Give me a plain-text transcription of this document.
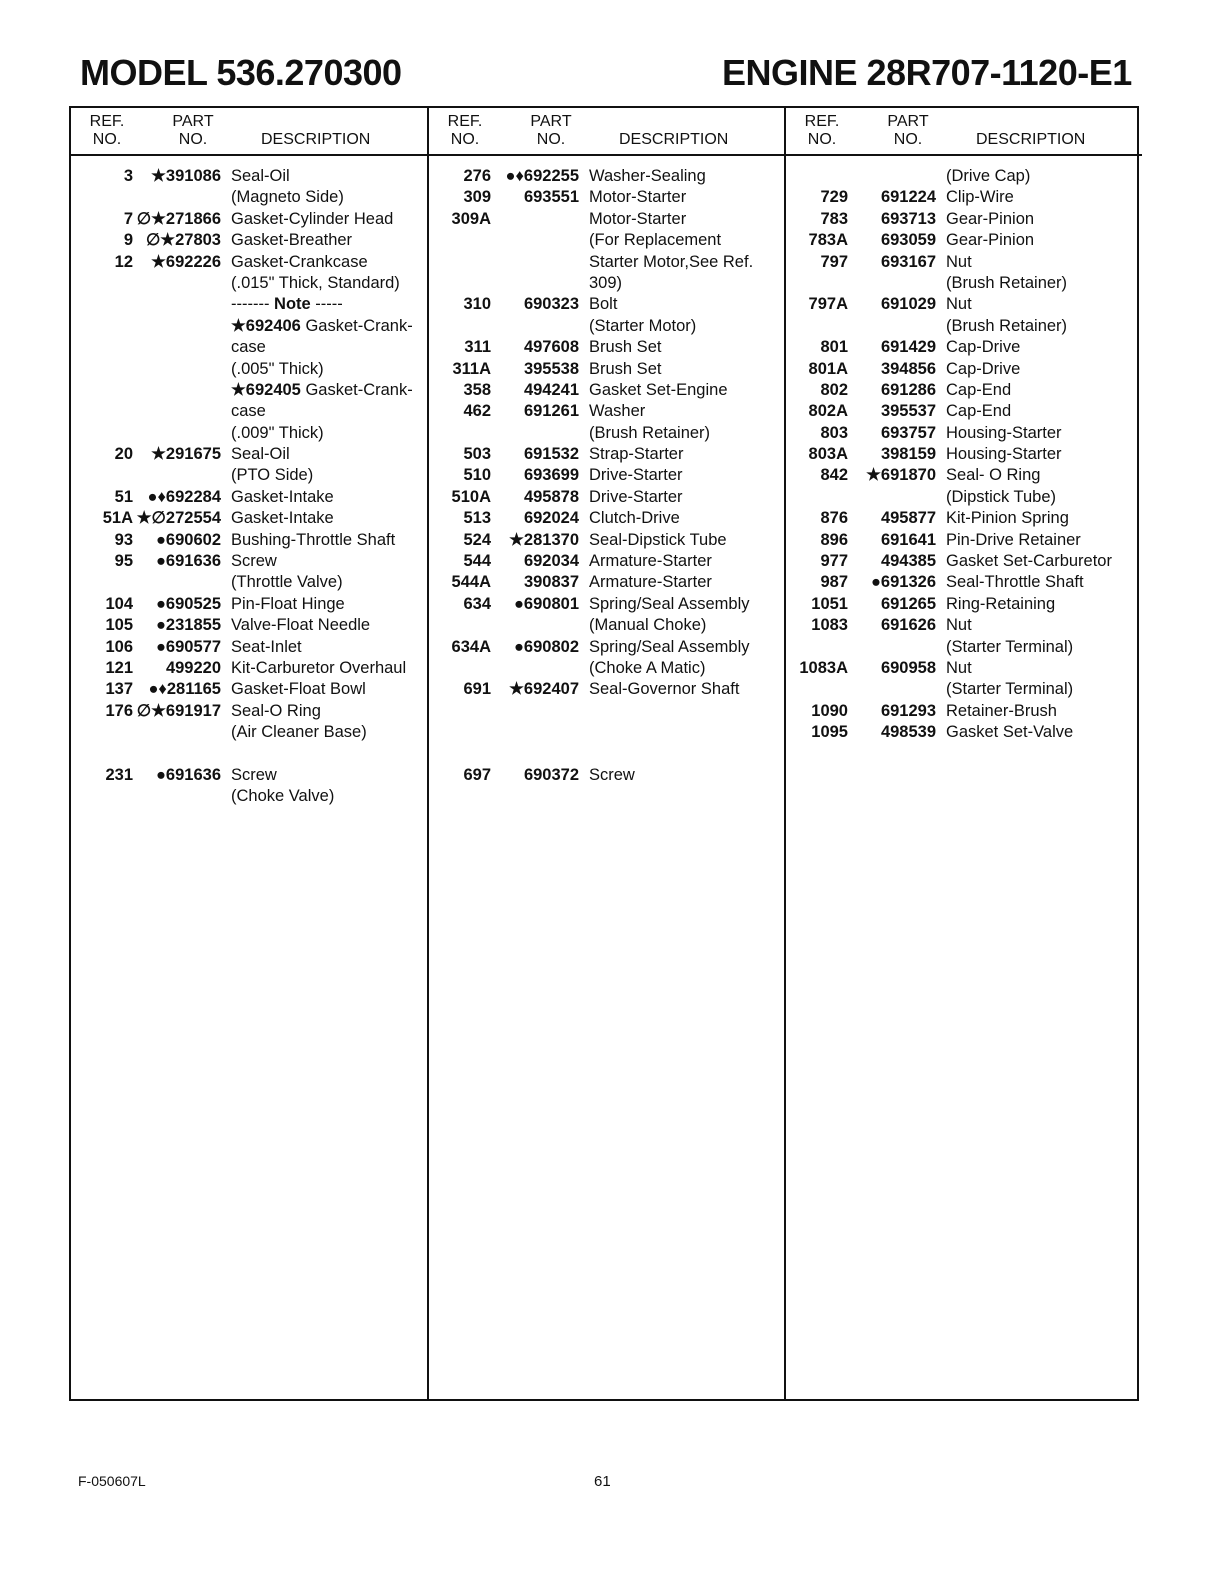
MODEL 536.270300	ENGINE 28R707-1120-E1
REF.
NO.
PART
NO.	DESCRIPTION
3	★391086 Seal-Oil
(Magneto Side)
7 ∅★271866 Gasket-Cylinder Head
9 ∅★27803 Gasket-Breather
12	★692226 Gasket-Crankcase
(.015" Thick, Standard)
------- Note -----
★692406 Gasket-Crank-
case
(.005" Thick)
★692405 Gasket-Crank-
case
(.009" Thick)
20	★291675 Seal-Oil
(PTO Side)
51 ●♦692284 Gasket-Intake
51A ★∅272554 Gasket-Intake
93	●690602 Bushing-Throttle Shaft
95	●691636 Screw
(Throttle Valve)
104	●690525 Pin-Float Hinge
105	●231855 Valve-Float Needle
106	●690577 Seat-Inlet
121	499220 Kit-Carburetor Overhaul
137 ●♦281165 Gasket-Float Bowl
176 ∅★691917 Seal-O Ring
(Air Cleaner Base)
231	●691636 Screw
(Choke Valve)
REF.
NO.
PART
NO.	DESCRIPTION
276 ●♦692255 Washer-Sealing
309	693551 Motor-Starter
309A	Motor-Starter
(For Replacement
Starter Motor,See Ref.
309)
310	690323 Bolt
(Starter Motor)
311	497608 Brush Set
311A	395538 Brush Set
358	494241 Gasket Set-Engine
462	691261 Washer
(Brush Retainer)
503	691532 Strap-Starter
510	693699 Drive-Starter
510A	495878 Drive-Starter
513	692024 Clutch-Drive
524	★281370 Seal-Dipstick Tube
544	692034 Armature-Starter
544A	390837 Armature-Starter
634	●690801 Spring/Seal Assembly
(Manual Choke)
634A	●690802 Spring/Seal Assembly
(Choke A Matic)
691	★692407 Seal-Governor Shaft
697	690372 Screw
REF.
NO.
PART
NO.	DESCRIPTION
(Drive Cap)
729	691224 Clip-Wire
783	693713 Gear-Pinion
783A	693059 Gear-Pinion
797	693167 Nut
(Brush Retainer)
797A	691029 Nut
(Brush Retainer)
801	691429 Cap-Drive
801A	394856 Cap-Drive
802	691286 Cap-End
802A	395537 Cap-End
803	693757 Housing-Starter
803A	398159 Housing-Starter
842	★691870 Seal- O Ring
(Dipstick Tube)
876	495877 Kit-Pinion Spring
896	691641 Pin-Drive Retainer
977	494385 Gasket Set-Carburetor
987	●691326 Seal-Throttle Shaft
1051	691265 Ring-Retaining
1083	691626 Nut
(Starter Terminal)
1083A	690958 Nut
(Starter Terminal)
1090	691293 Retainer-Brush
1095	498539 Gasket Set-Valve
F-050607L	61
